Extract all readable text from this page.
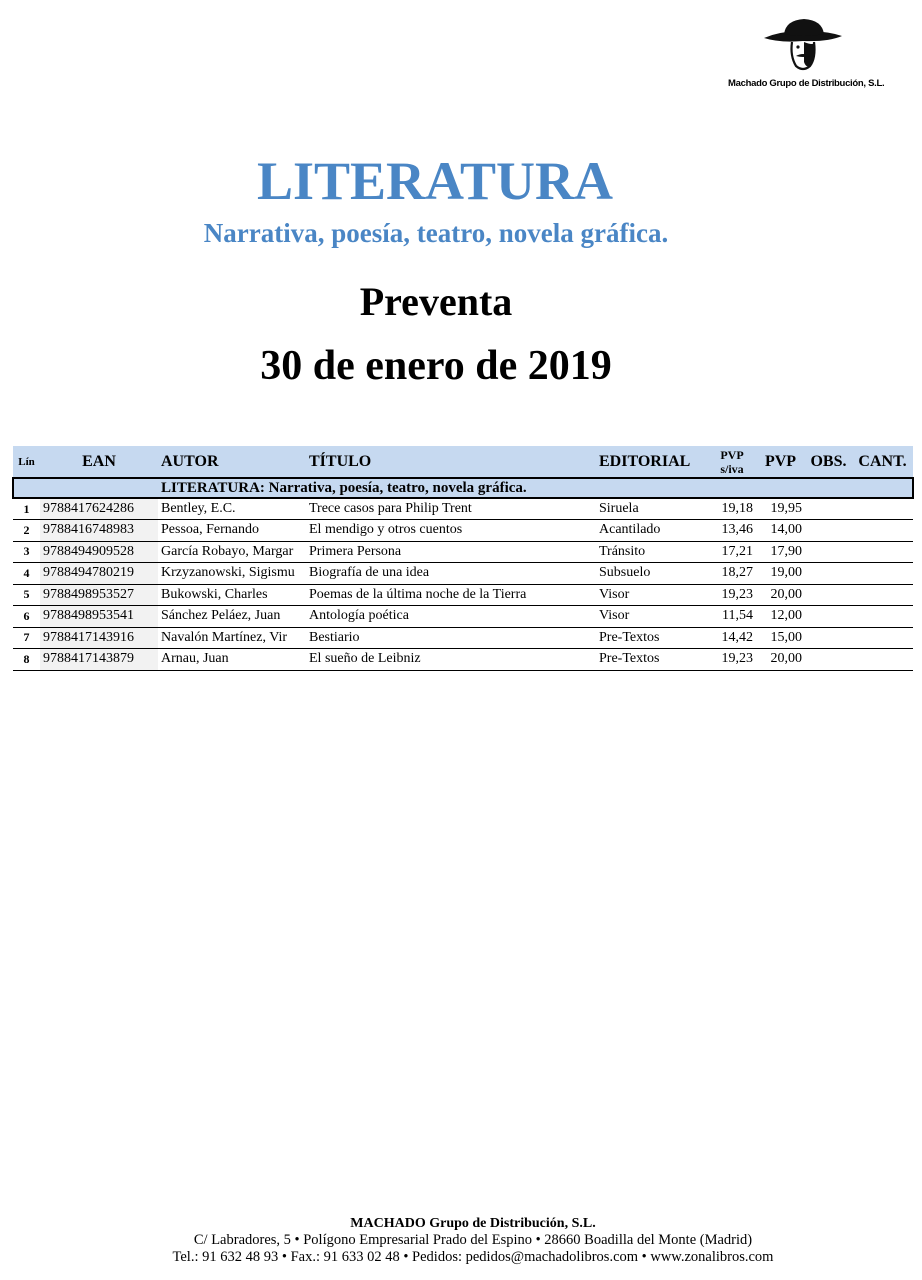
Machado Grupo de Distribución, S.L.
LITERATURA
Narrativa, poesía, teatro, novela gráfica.
Preventa
30 de enero de 2019
Lín	EAN	AUTOR	TÍTULO	EDITORIAL	PVP
s/iva	PVP	OBS.	CANT.
		LITERATURA: Narrativa, poesía, teatro, novela gráfica.						
1	9788417624286	Bentley, E.C.	Trece casos para Philip Trent	Siruela	19,18	19,95		
2	9788416748983	Pessoa, Fernando	El mendigo y otros cuentos	Acantilado	13,46	14,00		
3	9788494909528	García Robayo, Margar	Primera Persona	Tránsito	17,21	17,90		
4	9788494780219	Krzyzanowski, Sigismu	Biografía de una idea	Subsuelo	18,27	19,00		
5	9788498953527	Bukowski, Charles	Poemas de la última noche de la Tierra	Visor	19,23	20,00		
6	9788498953541	Sánchez Peláez, Juan	Antología poética	Visor	11,54	12,00		
7	9788417143916	Navalón Martínez, Vir	Bestiario	Pre-Textos	14,42	15,00		
8	9788417143879	Arnau, Juan	El sueño de Leibniz	Pre-Textos	19,23	20,00		
MACHADO Grupo de Distribución, S.L.
C/ Labradores, 5 • Polígono Empresarial Prado del Espino • 28660 Boadilla del Monte (Madrid)
Tel.: 91 632 48 93 • Fax.: 91 633 02 48 • Pedidos: pedidos@machadolibros.com • www.zonalibros.com
